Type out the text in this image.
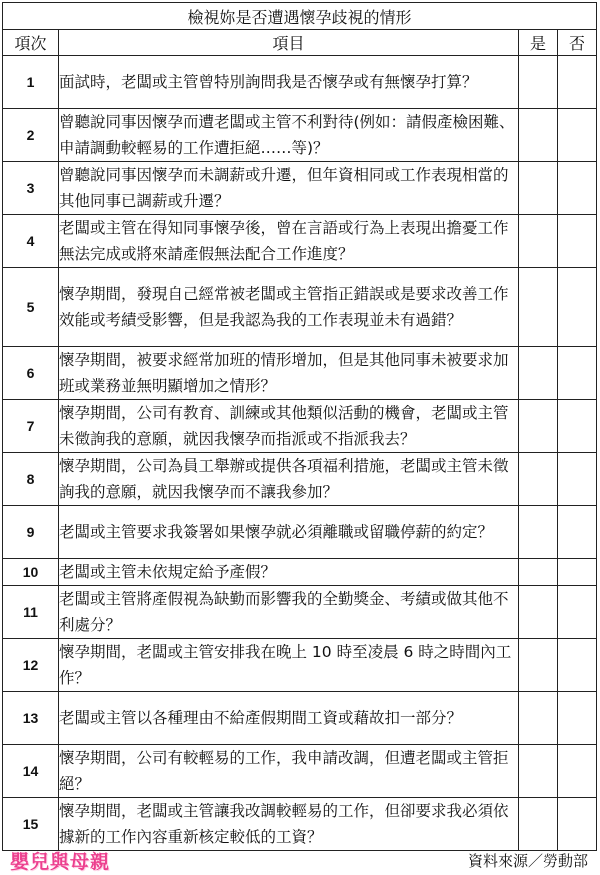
檢視妳是否遭遇懷孕歧視的情形			
項次	項目	是	否
1	面試時，老闆或主管曾特別詢問我是否懷孕或有無懷孕打算？		
2	曾聽說同事因懷孕而遭老闆或主管不利對待(例如：請假產檢困難、申請調動較輕易的工作遭拒絕……等)？		
3	曾聽說同事因懷孕而未調薪或升遷，但年資相同或工作表現相當的其他同事已調薪或升遷？		
4	老闆或主管在得知同事懷孕後，曾在言語或行為上表現出擔憂工作無法完成或將來請產假無法配合工作進度？		
5	懷孕期間，發現自己經常被老闆或主管指正錯誤或是要求改善工作效能或考績受影響，但是我認為我的工作表現並未有過錯？		
6	懷孕期間，被要求經常加班的情形增加，但是其他同事未被要求加班或業務並無明顯增加之情形？		
7	懷孕期間，公司有教育、訓練或其他類似活動的機會，老闆或主管未徵詢我的意願，就因我懷孕而指派或不指派我去？		
8	懷孕期間，公司為員工舉辦或提供各項福利措施，老闆或主管未徵詢我的意願，就因我懷孕而不讓我參加？		
9	老闆或主管要求我簽署如果懷孕就必須離職或留職停薪的約定？		
10	老闆或主管未依規定給予產假？		
11	老闆或主管將產假視為缺勤而影響我的全勤獎金、考績或做其他不利處分？		
12	懷孕期間，老闆或主管安排我在晚上 10 時至凌晨 6 時之時間內工作？		
13	老闆或主管以各種理由不給產假期間工資或藉故扣一部分？		
14	懷孕期間，公司有較輕易的工作，我申請改調，但遭老闆或主管拒絕？		
15	懷孕期間，老闆或主管讓我改調較輕易的工作，但卻要求我必須依據新的工作內容重新核定較低的工資？		
嬰兒與母親	資料來源／勞動部
